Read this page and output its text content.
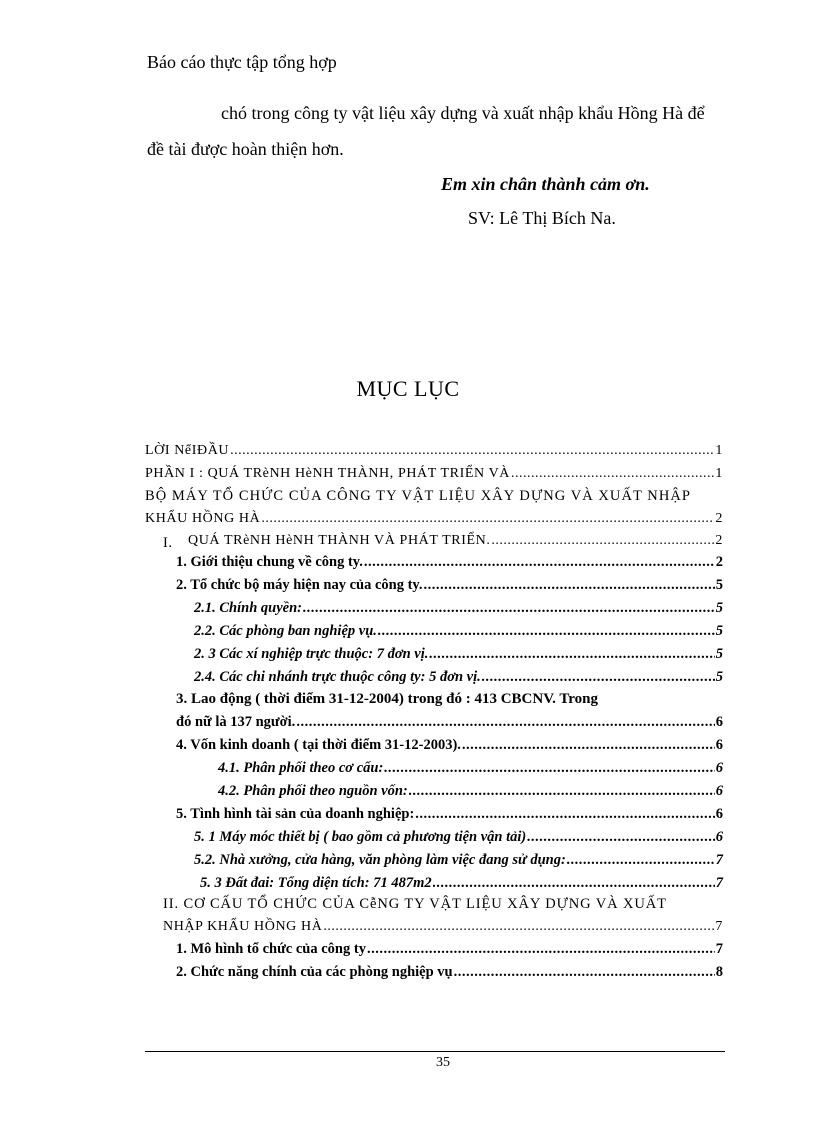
Báo cáo thực tập tổng hợp
chó trong công ty vật liệu xây dựng và xuất nhập khẩu Hồng Hà để
đề tài được hoàn thiện hơn.
Em xin chân thành cảm ơn.
SV: Lê Thị Bích Na.
MỤC LỤC
LỜI NểIĐẦU .....	1
PHẦN I : QUÁ TRèNH HèNH THÀNH, PHÁT TRIỂN VÀ .....	1
BỘ MÁY TỔ CHỨC CỦA CÔNG TY VẬT LIỆU XÂY DỰNG VÀ XUẤT NHẬP
KHẨU HỒNG HÀ .....	2
I. QUÁ TRèNH HèNH THÀNH VÀ PHÁT TRIỂN. .....	2
1. Giới thiệu chung về công ty. .....	2
2. Tổ chức bộ máy hiện nay của công ty. .....	5
2.1. Chính quyền: .....	5
2.2. Các phòng ban nghiệp vụ. .....	5
2. 3 Các xí nghiệp trực thuộc: 7 đơn vị. .....	5
2.4. Các chi nhánh trực thuộc công ty: 5 đơn vị. .....	5
3. Lao động ( thời điểm 31-12-2004) trong đó : 413 CBCNV. Trong
đó nữ là 137 người. .....	6
4. Vốn kinh doanh ( tại thời điểm 31-12-2003). .....	6
4.1. Phân phối theo cơ cấu: .....	6
4.2. Phân phối theo nguồn vốn: .....	6
5. Tình hình tài sản của doanh nghiệp: .....	6
5. 1 Máy móc thiết bị ( bao gồm cả phương tiện vận tải) .....	6
5.2. Nhà xưởng, cửa hàng, văn phòng làm việc đang sử dụng: .....	7
5. 3 Đất đai: Tổng diện tích: 71 487m2 .....	7
II. CƠ CẤU TỔ CHỨC CỦA CễNG TY VẬT LIỆU XÂY DỰNG VÀ XUẤT
NHẬP KHẨU HỒNG HÀ .....	7
1. Mô hình tổ chức của công ty .....	7
2. Chức năng chính của các phòng nghiệp vụ .....	8
35
